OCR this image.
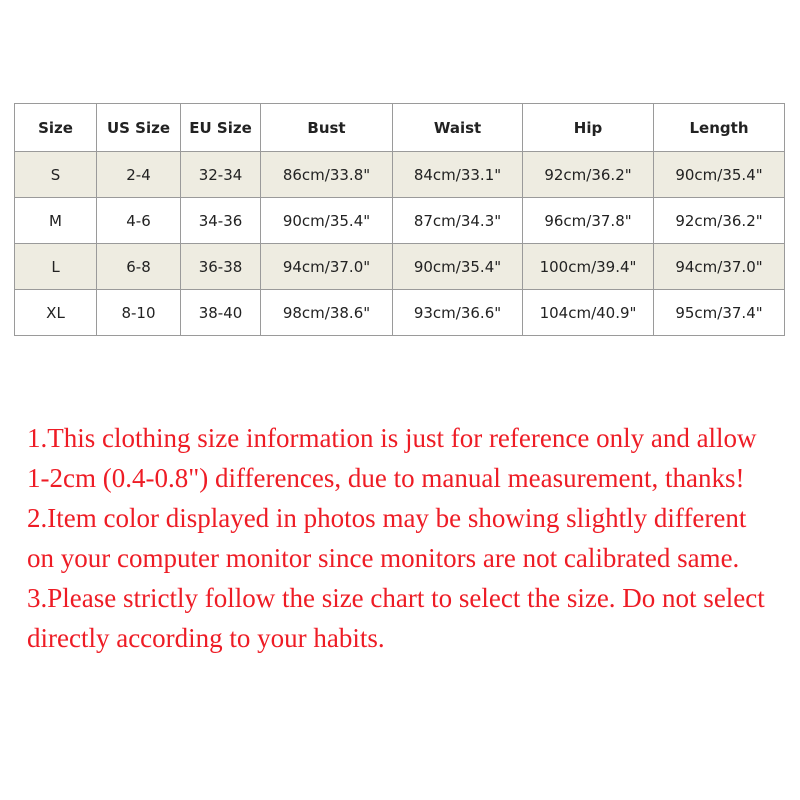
Size	US Size	EU Size	Bust	Waist	Hip	Length
S	2-4	32-34	86cm/33.8"	84cm/33.1"	92cm/36.2"	90cm/35.4"
M	4-6	34-36	90cm/35.4"	87cm/34.3"	96cm/37.8"	92cm/36.2"
L	6-8	36-38	94cm/37.0"	90cm/35.4"	100cm/39.4"	94cm/37.0"
XL	8-10	38-40	98cm/38.6"	93cm/36.6"	104cm/40.9"	95cm/37.4"

1.This clothing size information is just for reference only and allow 1-2cm (0.4-0.8") differences, due to manual measurement, thanks!

2.Item color displayed in photos may be showing slightly different on your computer monitor since monitors are not calibrated same.

3.Please strictly follow the size chart to select the size. Do not select directly according to your habits.
